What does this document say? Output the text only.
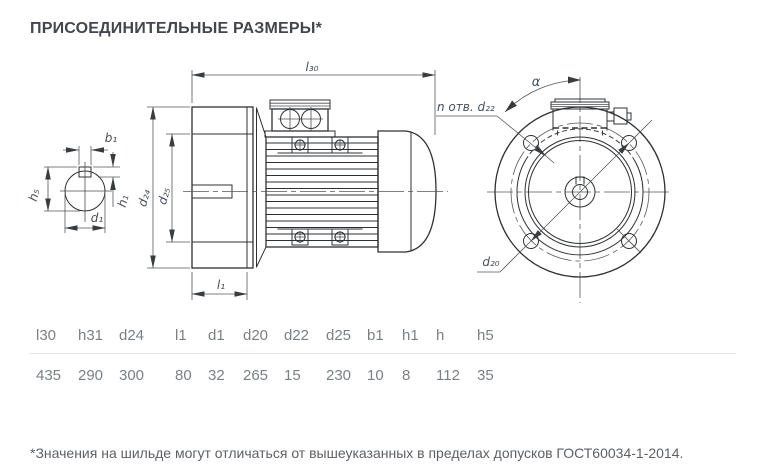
ПРИСОЕДИНИТЕЛЬНЫЕ РАЗМЕРЫ*
b₁
h₅	h₁
d₁
l₃₀
d₂₄ d₂₅
l₁
d₂₀
n отв. d₂₂
α
l30	h31	d24	l1	d1	d20	d22	d25	b1	h1	h	h5
435	290	300	80	32	265	15	230	10	8	112	35
*Значения на шильде могут отличаться от вышеуказанных в пределах допусков ГОСТ60034-1-2014.
